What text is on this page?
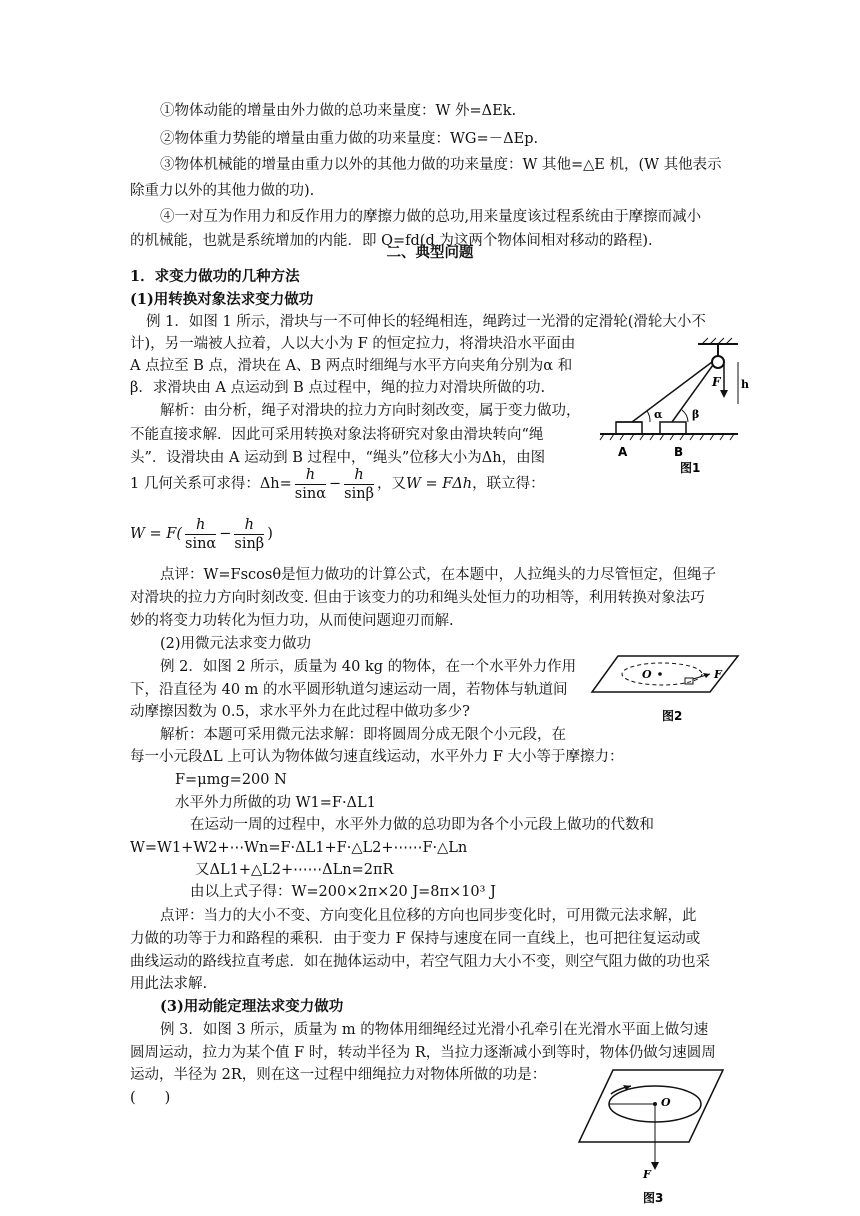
①物体动能的增量由外力做的总功来量度：W 外=ΔEk.
②物体重力势能的增量由重力做的功来量度：WG=－ΔEp.
③物体机械能的增量由重力以外的其他力做的功来量度：W 其他=△E 机，(W 其他表示
除重力以外的其他力做的功).
④一对互为作用力和反作用力的摩擦力做的总功,用来量度该过程系统由于摩擦而减小
的机械能，也就是系统增加的内能．即 Q=fd(d 为这两个物体间相对移动的路程).
二、典型问题
1．求变力做功的几种方法
(1)用转换对象法求变力做功
例 1．如图 1 所示，滑块与一不可伸长的轻绳相连，绳跨过一光滑的定滑轮(滑轮大小不
计)，另一端被人拉着，人以大小为 F 的恒定拉力，将滑块沿水平面由
A 点拉至 B 点，滑块在 A、B 两点时细绳与水平方向夹角分别为α 和
β．求滑块由 A 点运动到 B 点过程中，绳的拉力对滑块所做的功.
解析：由分析，绳子对滑块的拉力方向时刻改变，属于变力做功，
不能直接求解．因此可采用转换对象法将研究对象由滑块转向“绳
头”．设滑块由 A 运动到 B 过程中，“绳头”位移大小为Δh，由图
1 几何关系可求得：$\Delta h= \frac{h}{\sin\alpha} - \frac{h}{\sin\beta}$ ，又W = FΔh，联立得：
$W = F( \frac{h}{\sin\alpha} - \frac{h}{\sin\beta}$ )
点评：W=Fscosθ是恒力做功的计算公式，在本题中，人拉绳头的力尽管恒定，但绳子
对滑块的拉力方向时刻改变. 但由于该变力的功和绳头处恒力的功相等，利用转换对象法巧
妙的将变力功转化为恒力功，从而使问题迎刃而解.
(2)用微元法求变力做功
例 2．如图 2 所示，质量为 40 kg 的物体，在一个水平外力作用
下，沿直径为 40 m 的水平圆形轨道匀速运动一周，若物体与轨道间
动摩擦因数为 0.5，求水平外力在此过程中做功多少?
解析：本题可采用微元法求解：即将圆周分成无限个小元段，在
每一小元段ΔL 上可认为物体做匀速直线运动，水平外力 F 大小等于摩擦力：
F=μmg=200 N
水平外力所做的功 W1=F·ΔL1
在运动一周的过程中，水平外力做的总功即为各个小元段上做功的代数和
W=W1+W2+⋯Wn=F·ΔL1+F·△L2+⋯⋯F·△Ln
又ΔL1+△L2+⋯⋯ΔLn=2πR
由以上式子得：W=200×2π×20 J=8π×10³ J
点评：当力的大小不变、方向变化且位移的方向也同步变化时，可用微元法求解，此
力做的功等于力和路程的乘积．由于变力 F 保持与速度在同一直线上，也可把往复运动或
曲线运动的路线拉直考虑．如在抛体运动中，若空气阻力大小不变，则空气阻力做的功也采
用此法求解.
(3)用动能定理法求变力做功
例 3．如图 3 所示，质量为 m 的物体用细绳经过光滑小孔牵引在光滑水平面上做匀速
圆周运动，拉力为某个值 F 时，转动半径为 R，当拉力逐渐减小到等时，物体仍做匀速圆周
运动，半径为 2R，则在这一过程中细绳拉力对物体所做的功是：
(　　)
F h
α	β
A	B
图1
O	F
图2
O
F
图3
